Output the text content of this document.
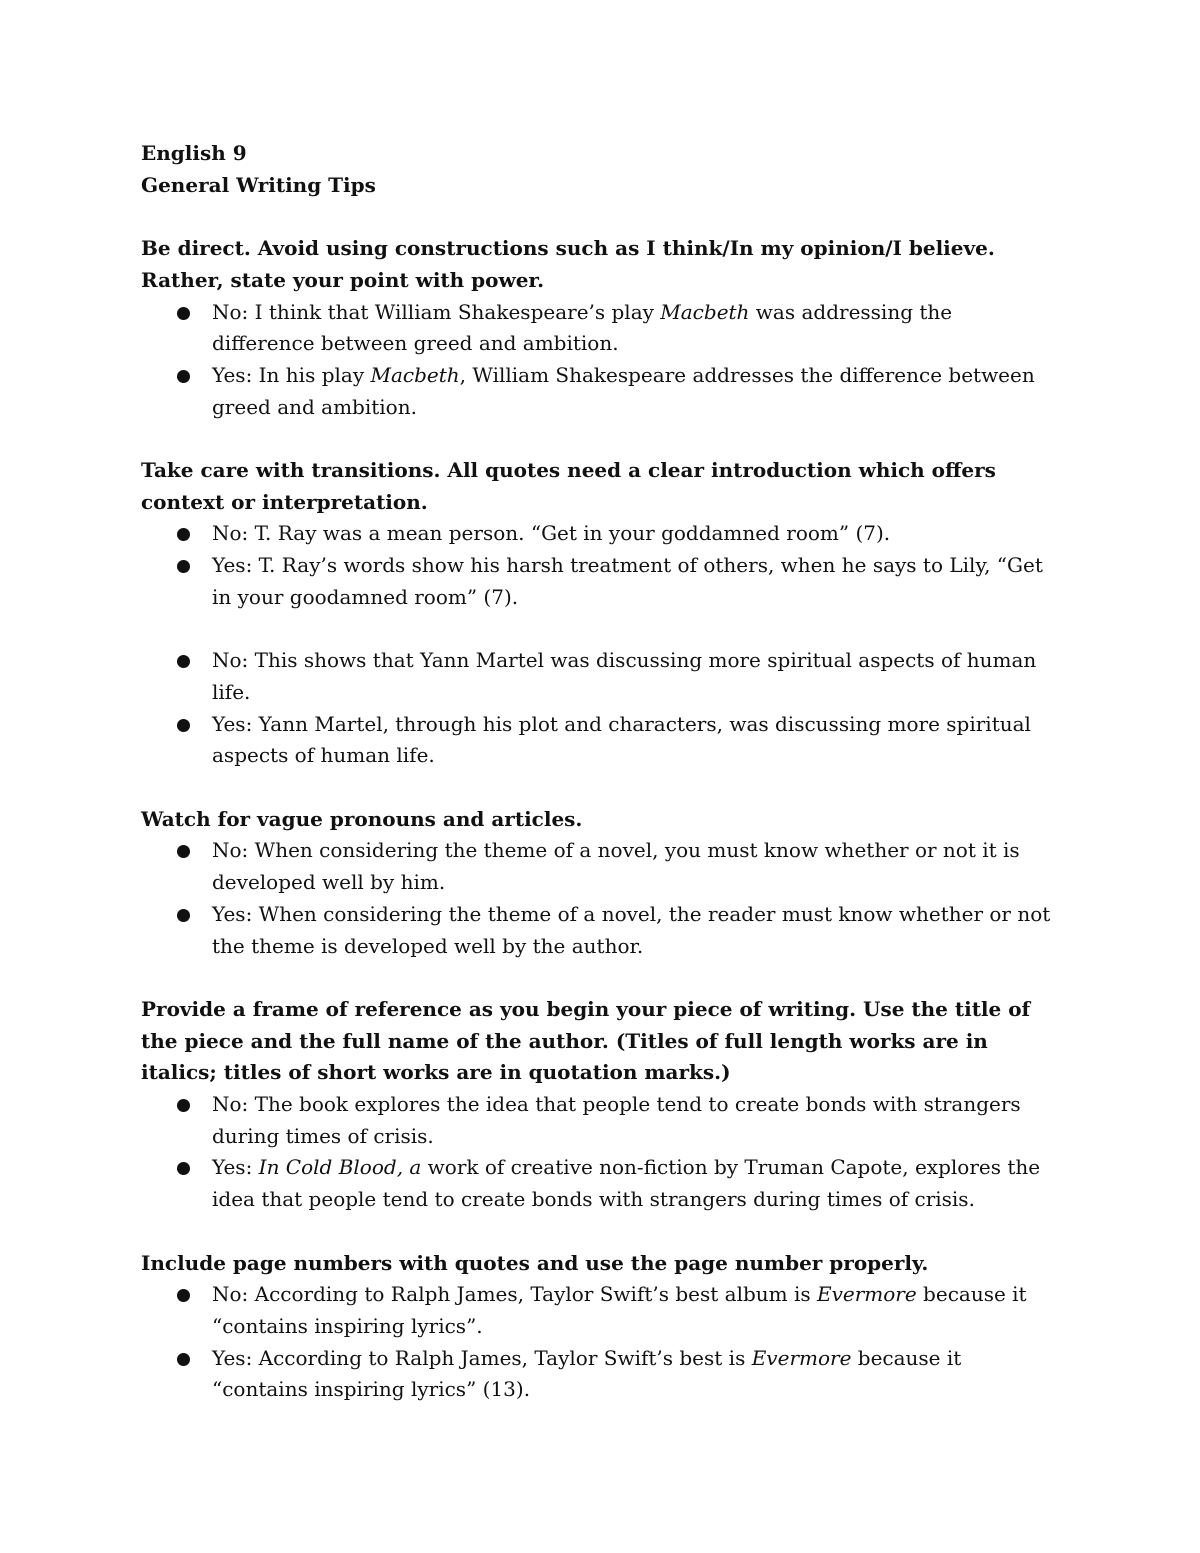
English 9

General Writing Tips

Be direct. Avoid using constructions such as I think/In my opinion/I believe. Rather, state your point with power.

No: I think that William Shakespeare’s play Macbeth was addressing the difference between greed and ambition.
Yes: In his play Macbeth, William Shakespeare addresses the difference between greed and ambition.

Take care with transitions. All quotes need a clear introduction which offers context or interpretation.

No: T. Ray was a mean person. “Get in your goddamned room” (7).
Yes: T. Ray’s words show his harsh treatment of others, when he says to Lily, “Get in your goodamned room” (7).
No: This shows that Yann Martel was discussing more spiritual aspects of human life.
Yes: Yann Martel, through his plot and characters, was discussing more spiritual aspects of human life.

Watch for vague pronouns and articles.

No: When considering the theme of a novel, you must know whether or not it is developed well by him.
Yes: When considering the theme of a novel, the reader must know whether or not the theme is developed well by the author.

Provide a frame of reference as you begin your piece of writing. Use the title of the piece and the full name of the author. (Titles of full length works are in italics; titles of short works are in quotation marks.)

No: The book explores the idea that people tend to create bonds with strangers during times of crisis.
Yes: In Cold Blood, a work of creative non-fiction by Truman Capote, explores the idea that people tend to create bonds with strangers during times of crisis.

Include page numbers with quotes and use the page number properly.

No: According to Ralph James, Taylor Swift’s best album is Evermore because it “contains inspiring lyrics”.
Yes: According to Ralph James, Taylor Swift’s best is Evermore because it “contains inspiring lyrics” (13).
